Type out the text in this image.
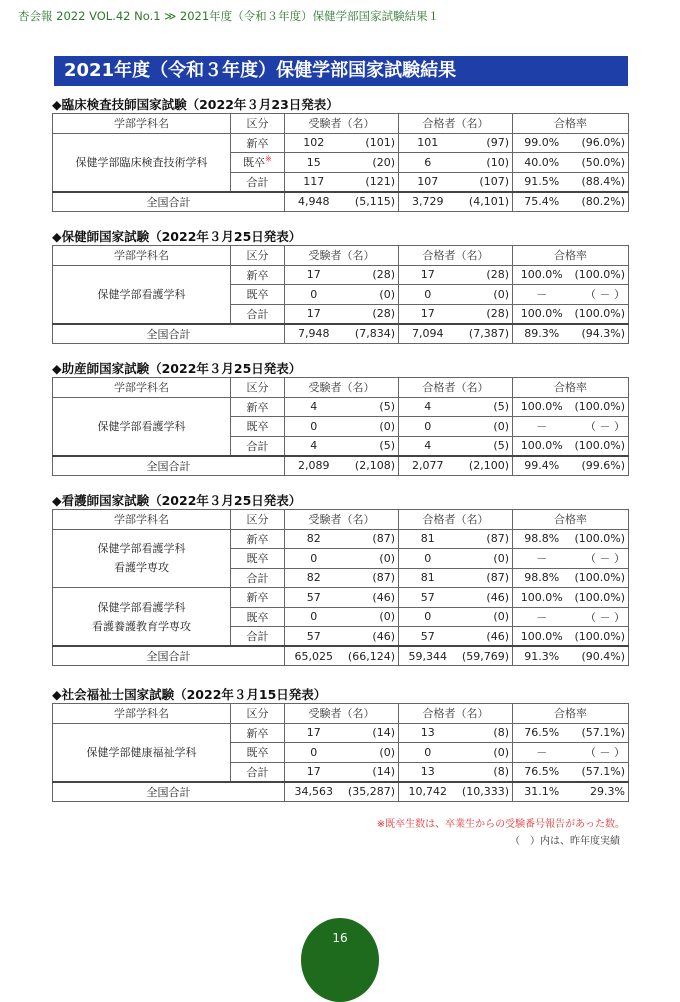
杏会報 2022 VOL.42 No.1 ≫ 2021年度（令和３年度）保健学部国家試験結果１
2021年度（令和３年度）保健学部国家試験結果
◆臨床検査技師国家試験（2022年３月23日発表）
学部学科名	区分	受験者（名）		合格者（名）		合格率	

保健学部臨床検査技術学科	新卒	102	(101)	101	(97)	99.0%	(96.0%)
	既卒※	15	(20)	6	(10)	40.0%	(50.0%)
	合計	117	(121)	107	(107)	91.5%	(88.4%)
全国合計		4,948	(5,115)	3,729	(4,101)	75.4%	(80.2%)
◆保健師国家試験（2022年３月25日発表）
学部学科名	区分	受験者（名）		合格者（名）		合格率	

保健学部看護学科	新卒	17	(28)	17	(28)	100.0%	(100.0%)
	既卒	0	(0)	0	(0)	－	（ － ）
	合計	17	(28)	17	(28)	100.0%	(100.0%)
全国合計		7,948	(7,834)	7,094	(7,387)	89.3%	(94.3%)
◆助産師国家試験（2022年３月25日発表）
学部学科名	区分	受験者（名）		合格者（名）		合格率	

保健学部看護学科	新卒	4	(5)	4	(5)	100.0%	(100.0%)
	既卒	0	(0)	0	(0)	－	（ － ）
	合計	4	(5)	4	(5)	100.0%	(100.0%)
全国合計		2,089	(2,108)	2,077	(2,100)	99.4%	(99.6%)
◆看護師国家試験（2022年３月25日発表）
学部学科名	区分	受験者（名）		合格者（名）		合格率	

保健学部看護学科
看護学専攻	新卒	82	(87)	81	(87)	98.8%	(100.0%)
	既卒	0	(0)	0	(0)	－	（ － ）
	合計	82	(87)	81	(87)	98.8%	(100.0%)

保健学部看護学科
看護養護教育学専攻	新卒	57	(46)	57	(46)	100.0%	(100.0%)
	既卒	0	(0)	0	(0)	－	（ － ）
	合計	57	(46)	57	(46)	100.0%	(100.0%)
全国合計		65,025	(66,124)	59,344	(59,769)	91.3%	(90.4%)
◆社会福祉士国家試験（2022年３月15日発表）
学部学科名	区分	受験者（名）		合格者（名）		合格率	

保健学部健康福祉学科	新卒	17	(14)	13	(8)	76.5%	(57.1%)
	既卒	0	(0)	0	(0)	－	（ － ）
	合計	17	(14)	13	(8)	76.5%	(57.1%)
全国合計		34,563	(35,287)	10,742	(10,333)	31.1%	29.3%
※既卒生数は、卒業生からの受験番号報告があった数。
（　）内は、昨年度実績
16
